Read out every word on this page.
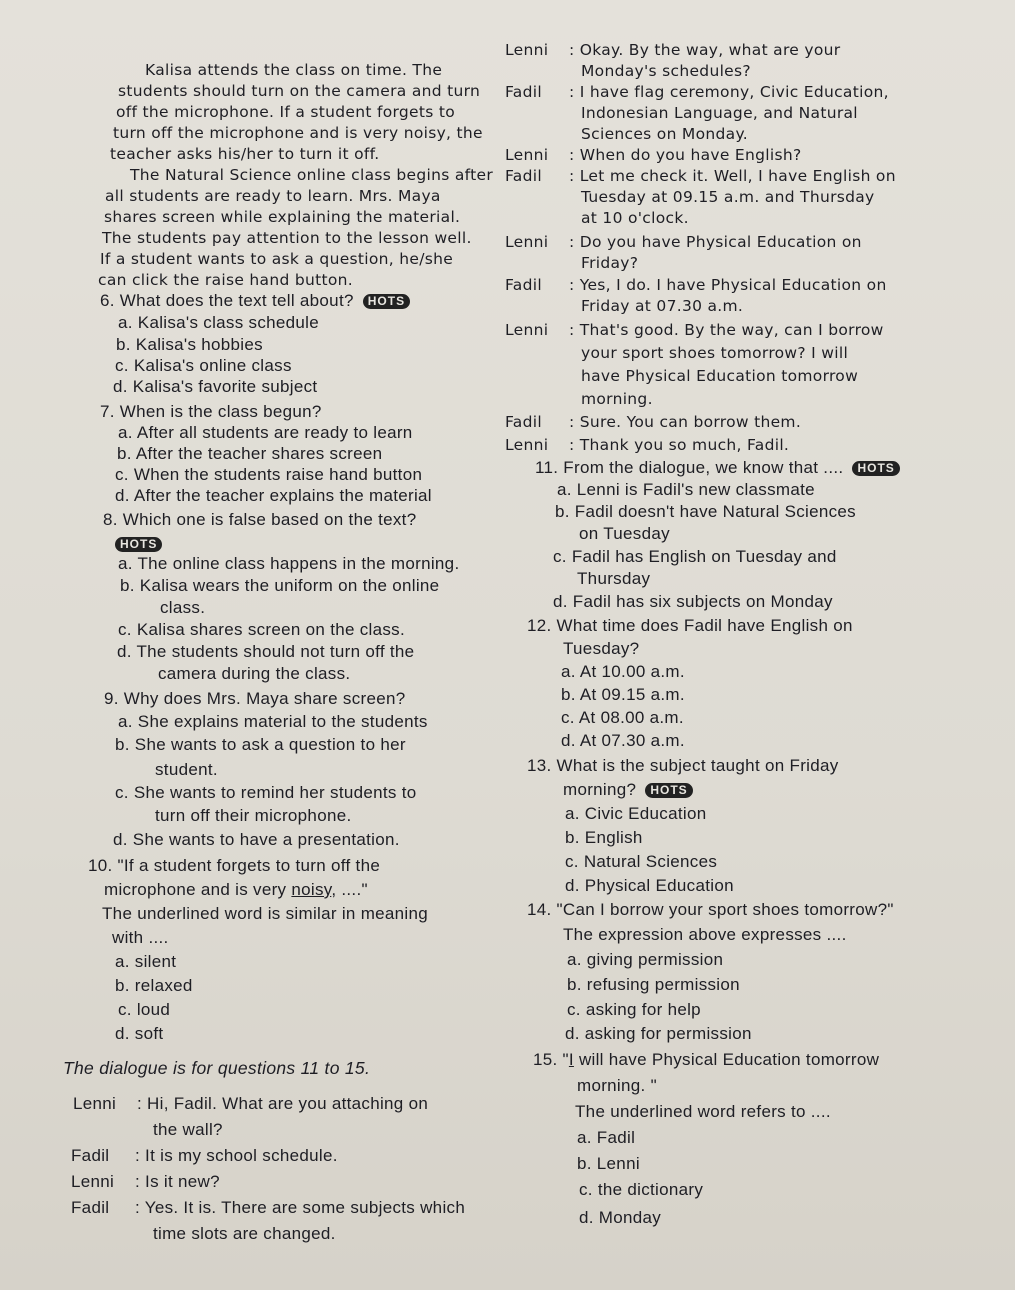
Kalisa attends the class on time. The
students should turn on the camera and turn
off the microphone. If a student forgets to
turn off the microphone and is very noisy, the
teacher asks his/her to turn it off.
The Natural Science online class begins after
all students are ready to learn. Mrs. Maya
shares screen while explaining the material.
The students pay attention to the lesson well.
If a student wants to ask a question, he/she
can click the raise hand button.
6. What does the text tell about? HOTS
a. Kalisa's class schedule
b. Kalisa's hobbies
c. Kalisa's online class
d. Kalisa's favorite subject
7. When is the class begun?
a. After all students are ready to learn
b. After the teacher shares screen
c. When the students raise hand button
d. After the teacher explains the material
8. Which one is false based on the text?
HOTS
a. The online class happens in the morning.
b. Kalisa wears the uniform on the online
class.
c. Kalisa shares screen on the class.
d. The students should not turn off the
camera during the class.
9. Why does Mrs. Maya share screen?
a. She explains material to the students
b. She wants to ask a question to her
student.
c. She wants to remind her students to
turn off their microphone.
d. She wants to have a presentation.
10. "If a student forgets to turn off the
microphone and is very noisy, ...."
The underlined word is similar in meaning
with ....
a. silent
b. relaxed
c. loud
d. soft
The dialogue is for questions 11 to 15.
Lenni : Hi, Fadil. What are you attaching on
the wall?
Fadil : It is my school schedule.
Lenni : Is it new?
Fadil : Yes. It is. There are some subjects which
time slots are changed.
Lenni : Okay. By the way, what are your
Monday's schedules?
Fadil : I have flag ceremony, Civic Education,
Indonesian Language, and Natural
Sciences on Monday.
Lenni : When do you have English?
Fadil : Let me check it. Well, I have English on
Tuesday at 09.15 a.m. and Thursday
at 10 o'clock.
Lenni : Do you have Physical Education on
Friday?
Fadil : Yes, I do. I have Physical Education on
Friday at 07.30 a.m.
Lenni : That's good. By the way, can I borrow
your sport shoes tomorrow? I will
have Physical Education tomorrow
morning.
Fadil : Sure. You can borrow them.
Lenni : Thank you so much, Fadil.
11. From the dialogue, we know that .... HOTS
a. Lenni is Fadil's new classmate
b. Fadil doesn't have Natural Sciences
on Tuesday
c. Fadil has English on Tuesday and
Thursday
d. Fadil has six subjects on Monday
12. What time does Fadil have English on
Tuesday?
a. At 10.00 a.m.
b. At 09.15 a.m.
c. At 08.00 a.m.
d. At 07.30 a.m.
13. What is the subject taught on Friday
morning? HOTS
a. Civic Education
b. English
c. Natural Sciences
d. Physical Education
14. "Can I borrow your sport shoes tomorrow?"
The expression above expresses ....
a. giving permission
b. refusing permission
c. asking for help
d. asking for permission
15. "I will have Physical Education tomorrow
morning. "
The underlined word refers to ....
a. Fadil
b. Lenni
c. the dictionary
d. Monday
